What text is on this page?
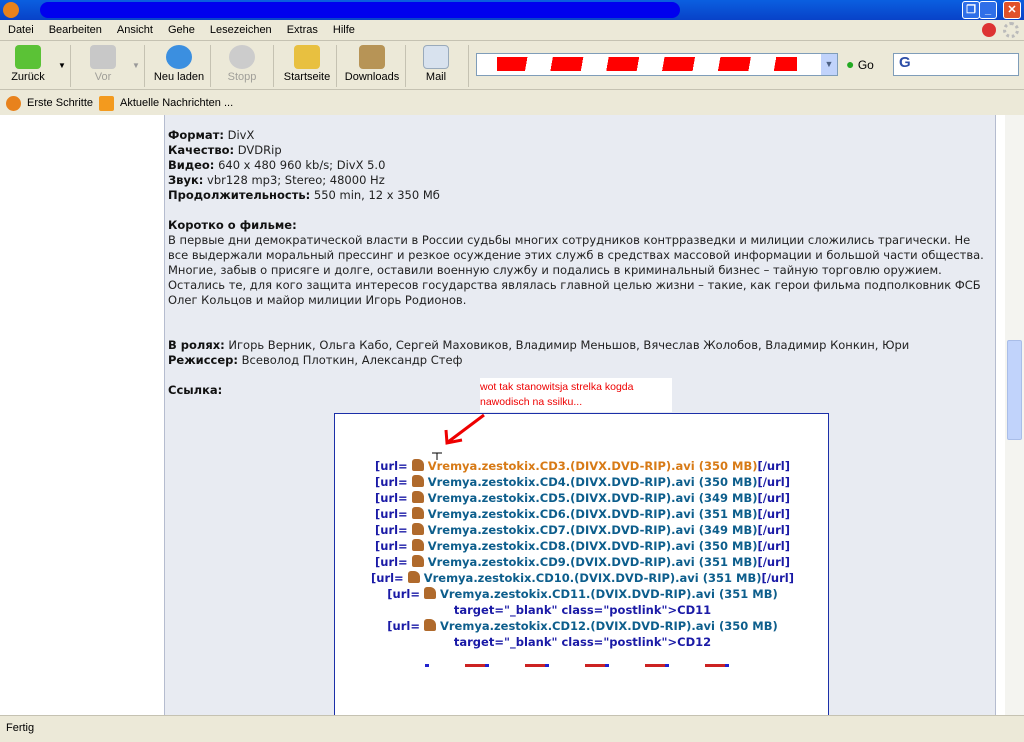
❐ _	✕
Datei Bearbeiten Ansicht Gehe Lesezeichen Extras Hilfe
Zurück
▼
Vor
▼
Neu laden	Stopp	Startseite Downloads	Mail
▼ ● Go	G
Erste Schritte Aktuelle Nachrichten ...
Формат: DivX
Качество: DVDRip
Видео: 640 x 480 960 kb/s; DivX 5.0
Звук: vbr128 mp3; Stereo; 48000 Hz
Продолжительность: 550 min, 12 x 350 Мб
Коротко о фильме:
В первые дни демократической власти в России судьбы многих сотрудников контрразведки и милиции сложились трагически. Не все выдержали моральный прессинг и резкое осуждение этих служб в средствах массовой информации и большой части общества. Многие, забыв о присяге и долге, оставили военную службу и подались в криминальный бизнес – тайную торговлю оружием. Остались те, для кого защита интересов государства являлась главной целью жизни – такие, как герои фильма подполковник ФСБ Олег Кольцов и майор милиции Игорь Родионов.
В ролях: Игорь Верник, Ольга Кабо, Сергей Маховиков, Владимир Меньшов, Вячеслав Жолобов, Владимир Конкин, Юри
Режиссер: Всеволод Плоткин, Александр Стеф
Ссылка:
[url= Vremya.zestokix.CD3.(DIVX.DVD-RIP).avi (350 MB)[/url]
[url= Vremya.zestokix.CD4.(DIVX.DVD-RIP).avi (350 MB)[/url]
[url= Vremya.zestokix.CD5.(DIVX.DVD-RIP).avi (349 MB)[/url]
[url= Vremya.zestokix.CD6.(DIVX.DVD-RIP).avi (351 MB)[/url]
[url= Vremya.zestokix.CD7.(DIVX.DVD-RIP).avi (349 MB)[/url]
[url= Vremya.zestokix.CD8.(DIVX.DVD-RIP).avi (350 MB)[/url]
[url= Vremya.zestokix.CD9.(DVIX.DVD-RIP).avi (351 MB)[/url]
[url= Vremya.zestokix.CD10.(DVIX.DVD-RIP).avi (351 MB)[/url]
[url= Vremya.zestokix.CD11.(DVIX.DVD-RIP).avi (351 MB)
target="_blank" class="postlink">CD11
[url= Vremya.zestokix.CD12.(DVIX.DVD-RIP).avi (350 MB)
target="_blank" class="postlink">CD12
wot tak stanowitsja strelka kogda nawodisch na ssilku...
Fertig
